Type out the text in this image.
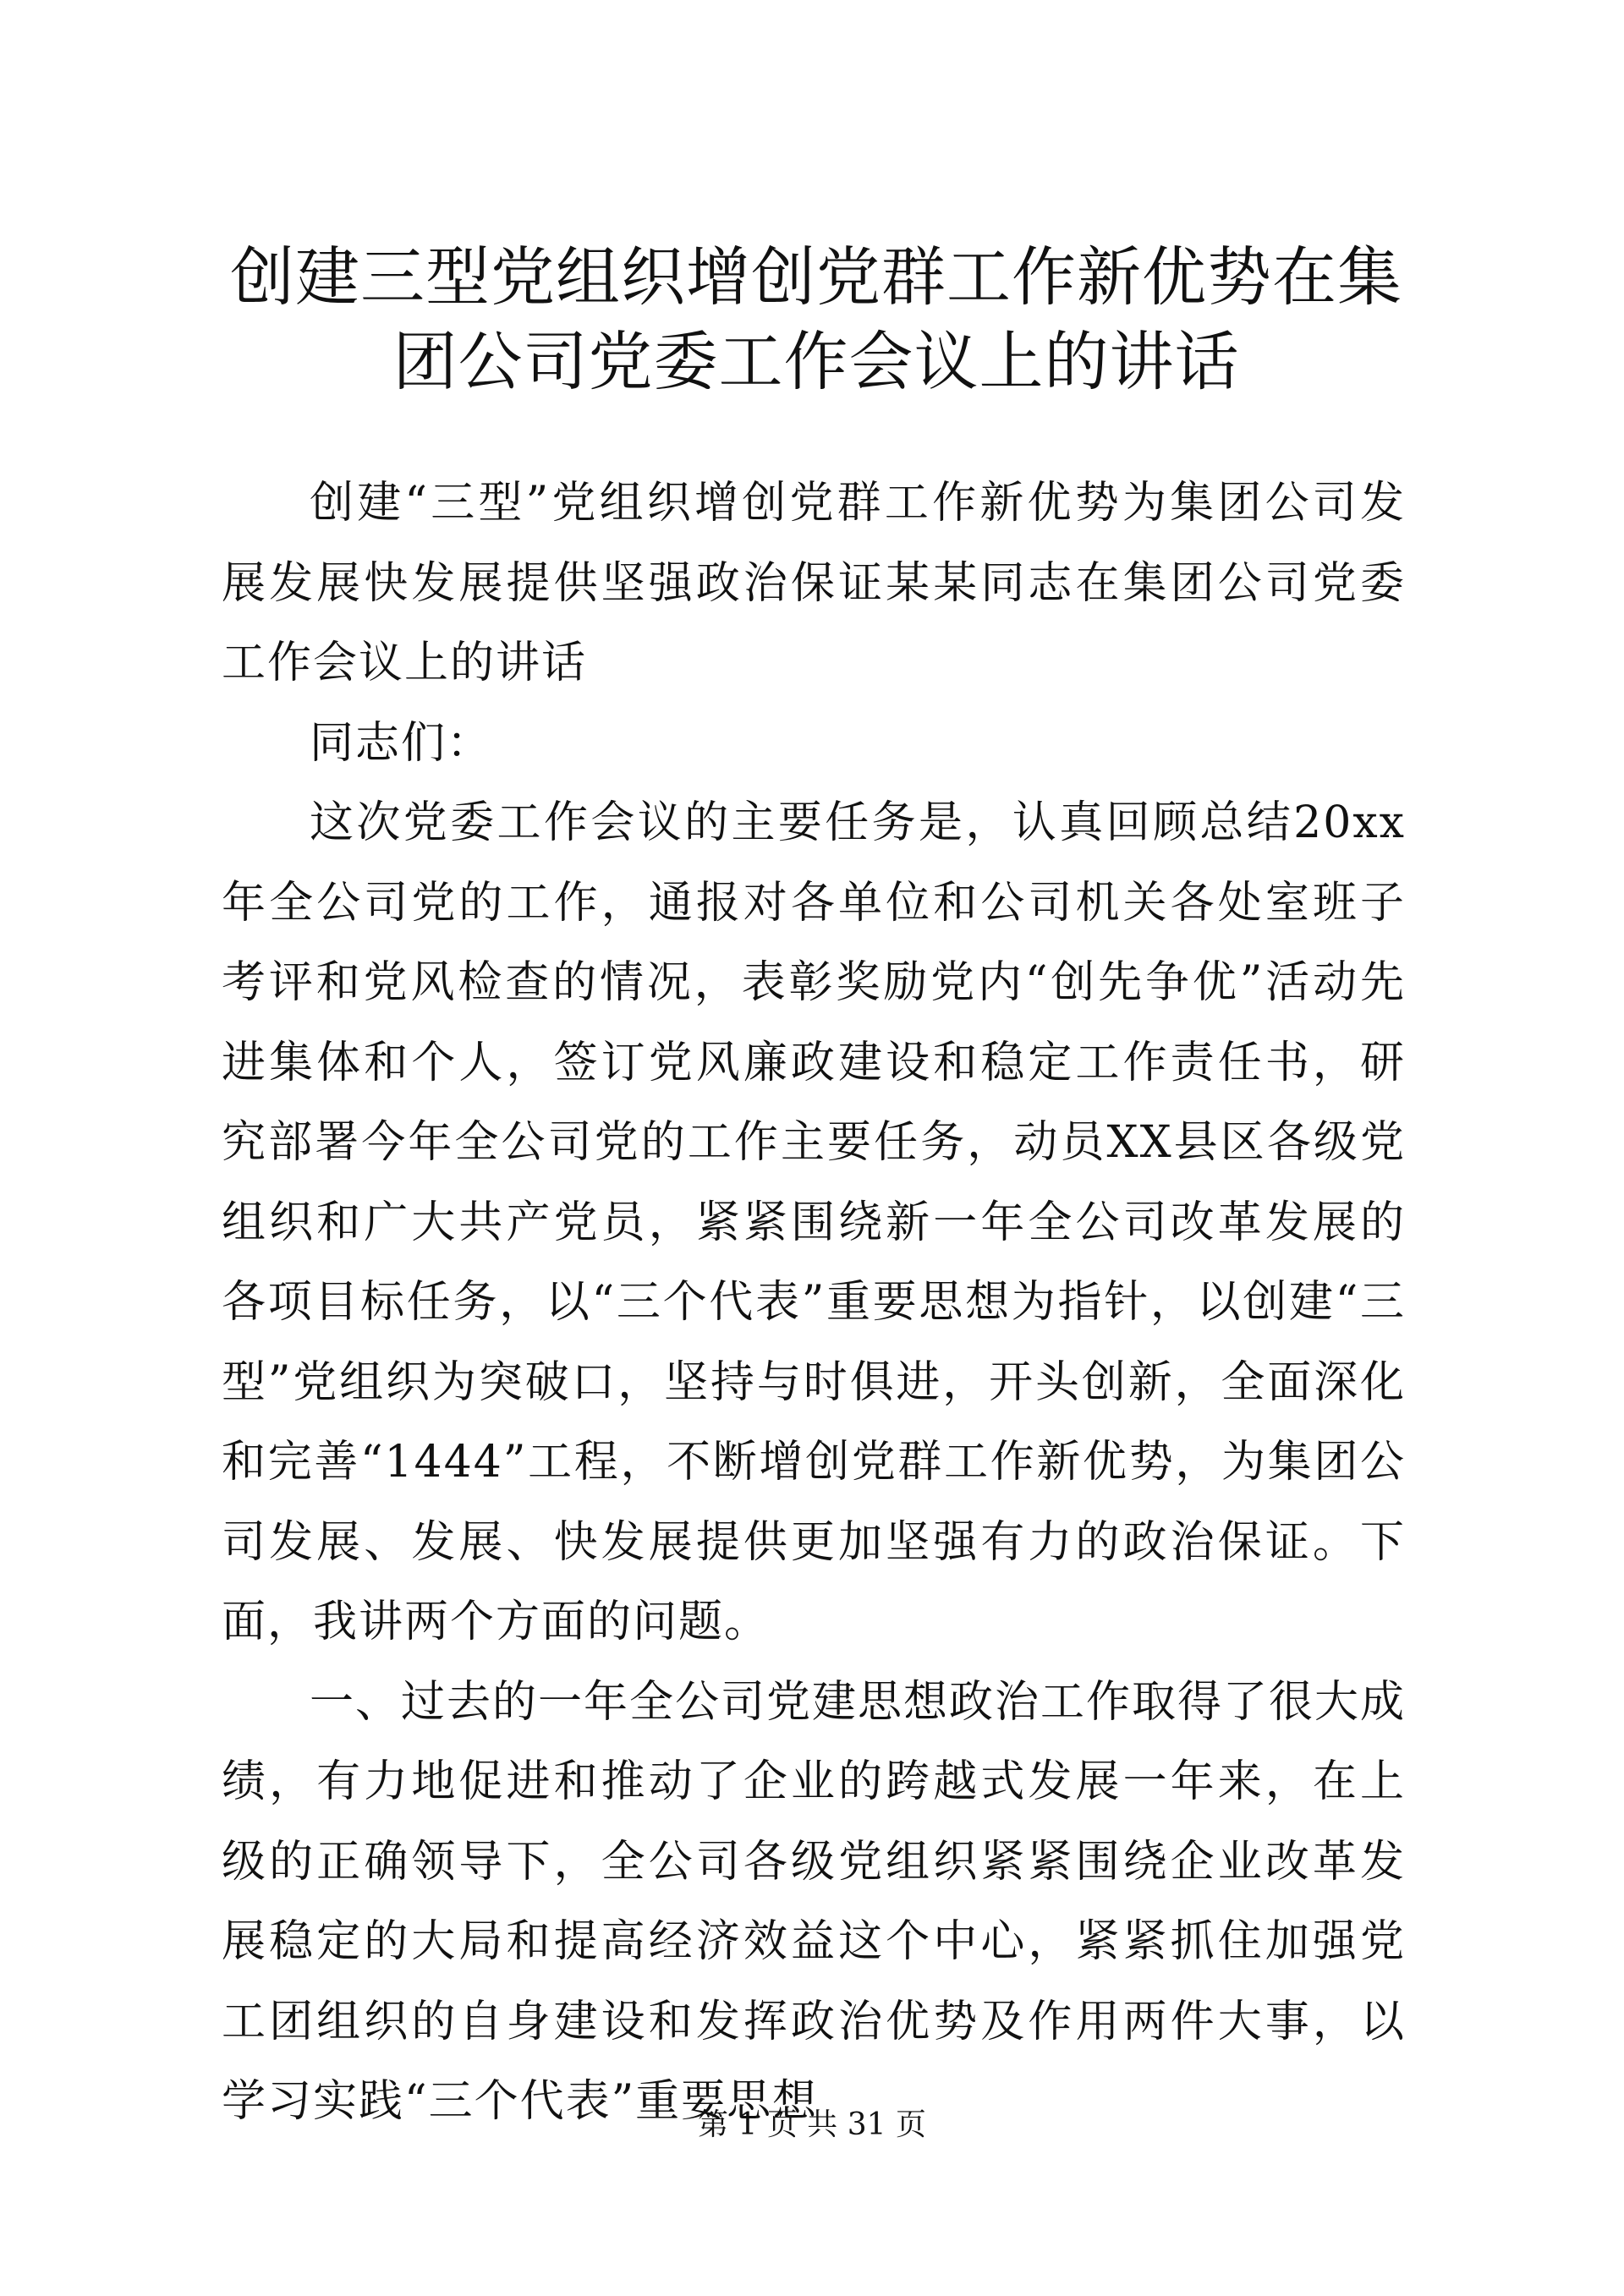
创建三型党组织增创党群工作新优势在集团公司党委工作会议上的讲话

创建“三型”党组织增创党群工作新优势为集团公司发展发展快发展提供坚强政治保证某某同志在集团公司党委工作会议上的讲话

同志们：

这次党委工作会议的主要任务是，认真回顾总结20xx年全公司党的工作，通报对各单位和公司机关各处室班子考评和党风检查的情况，表彰奖励党内“创先争优”活动先进集体和个人，签订党风廉政建设和稳定工作责任书，研究部署今年全公司党的工作主要任务，动员XX县区各级党组织和广大共产党员，紧紧围绕新一年全公司改革发展的各项目标任务，以“三个代表”重要思想为指针，以创建“三型”党组织为突破口，坚持与时俱进，开头创新，全面深化和完善“1444”工程，不断增创党群工作新优势，为集团公司发展、发展、快发展提供更加坚强有力的政治保证。下面，我讲两个方面的问题。

一、过去的一年全公司党建思想政治工作取得了很大成绩，有力地促进和推动了企业的跨越式发展一年来，在上级的正确领导下，全公司各级党组织紧紧围绕企业改革发展稳定的大局和提高经济效益这个中心，紧紧抓住加强党工团组织的自身建设和发挥政治优势及作用两件大事，以学习实践“三个代表”重要思想

第 1 页 共 31 页
